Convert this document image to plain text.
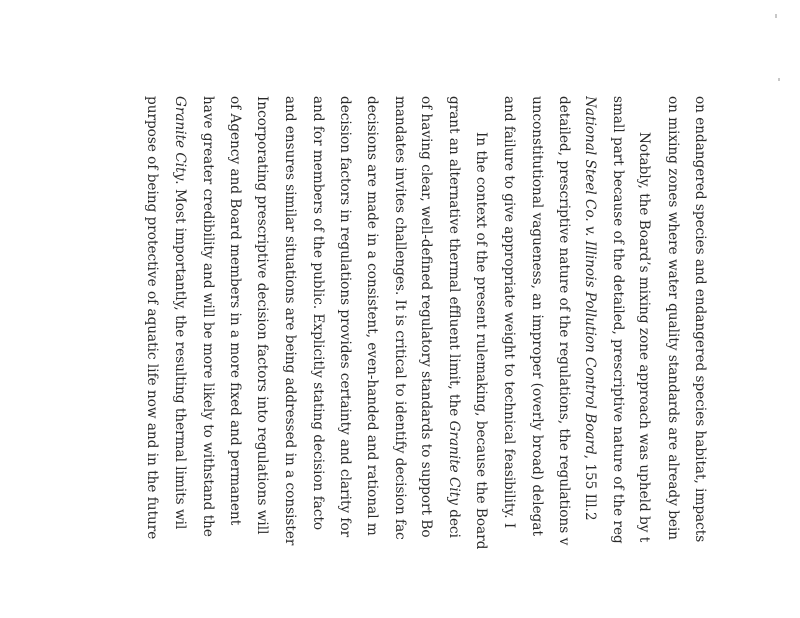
on endangered species and endangered species habitat, impacts
on mixing zones where water quality standards are already bein
Notably, the Board’s mixing zone approach was upheld by t
small part because of the detailed, prescriptive nature of the reg
National Steel Co. v. Illinois Pollution Control Board, 155 Ill.2
detailed, prescriptive nature of the regulations, the regulations v
unconstitutional vagueness, an improper (overly broad) delegat
and failure to give appropriate weight to technical feasibility. I
In the context of the present rulemaking, because the Board
grant an alternative thermal effluent limit, the Granite City deci
of having clear, well-defined regulatory standards to support Bo
mandates invites challenges. It is critical to identify decision fac
decisions are made in a consistent, even-handed and rational m
decision factors in regulations provides certainty and clarity for
and for members of the public. Explicitly stating decision facto
and ensures similar situations are being addressed in a consister
Incorporating prescriptive decision factors into regulations will
of Agency and Board members in a more fixed and permanent
have greater credibility and will be more likely to withstand the
Granite City. Most importantly, the resulting thermal limits wil
purpose of being protective of aquatic life now and in the future
